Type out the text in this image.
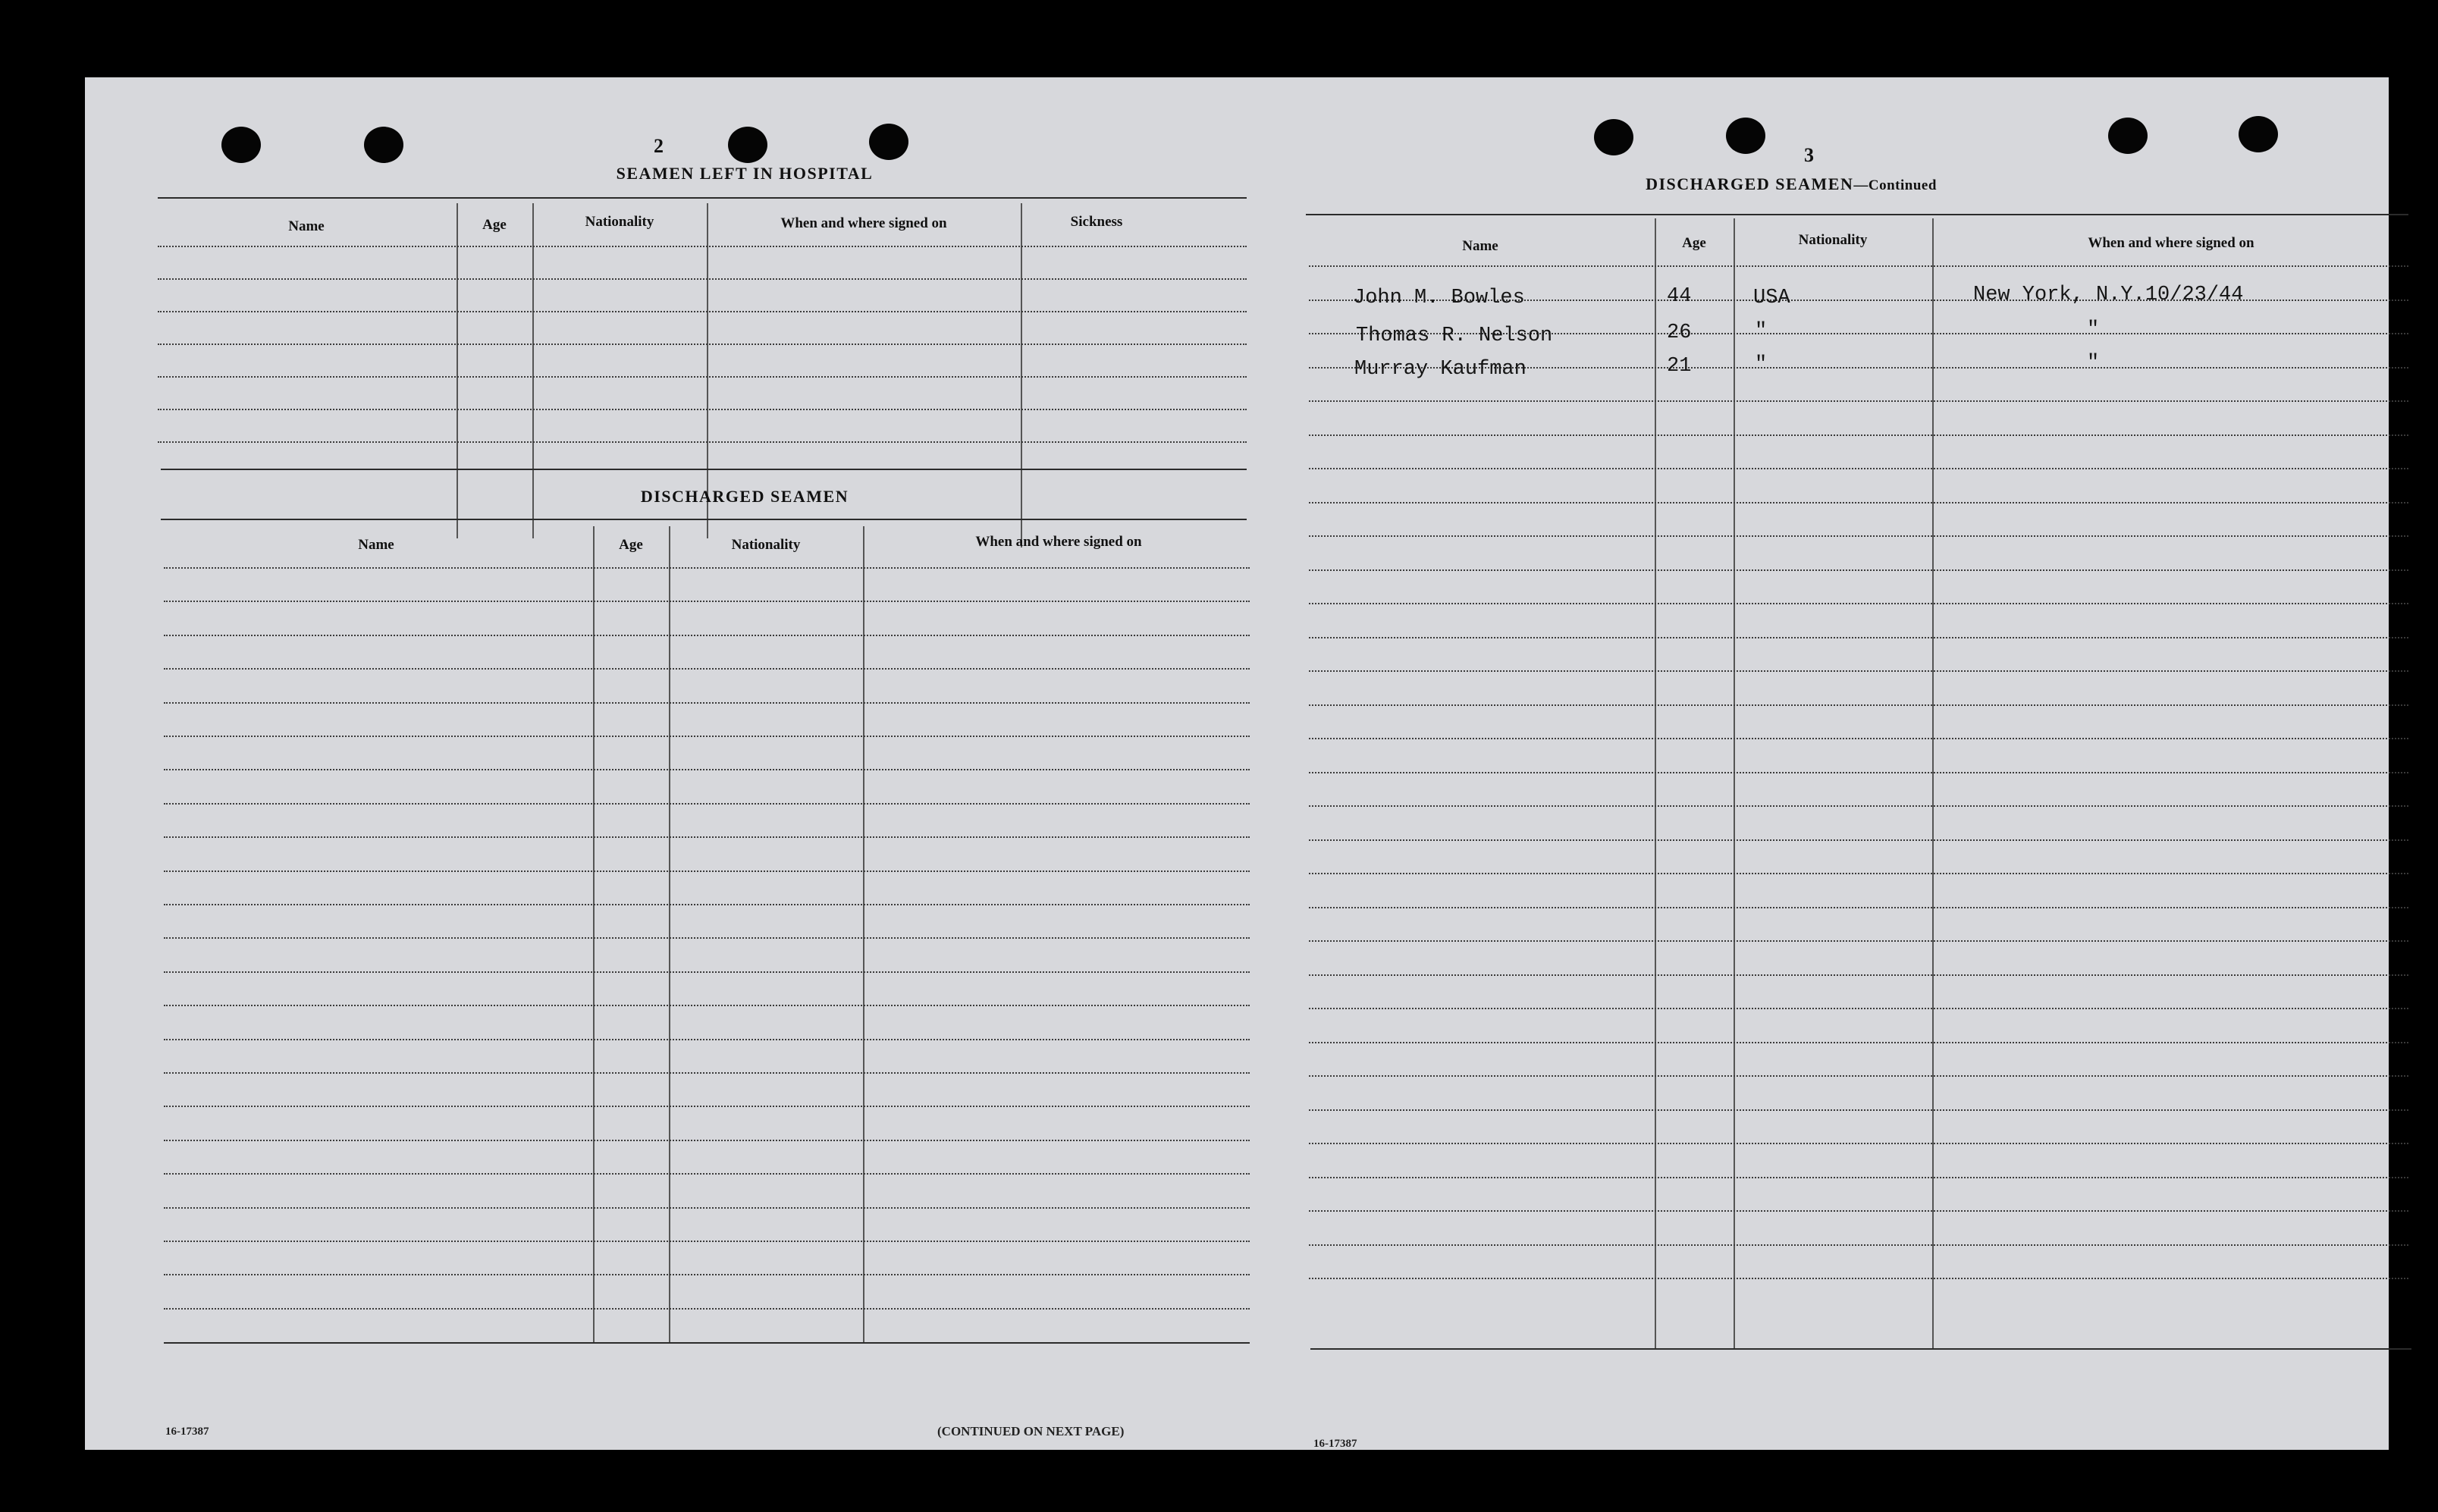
2
SEAMEN LEFT IN HOSPITAL
Name	Age	Nationality	When and where signed on	Sickness
DISCHARGED SEAMEN
Name	Age	Nationality	When and where signed on
16-17387	(CONTINUED ON NEXT PAGE)
3
DISCHARGED SEAMEN—Continued
Name	Age	Nationality	When and where signed on
John M. Bowles	44	USA	New York, N.Y.10/23/44
Thomas R. Nelson	26	"	"
Murray Kaufman	21	"	"
16-17387
